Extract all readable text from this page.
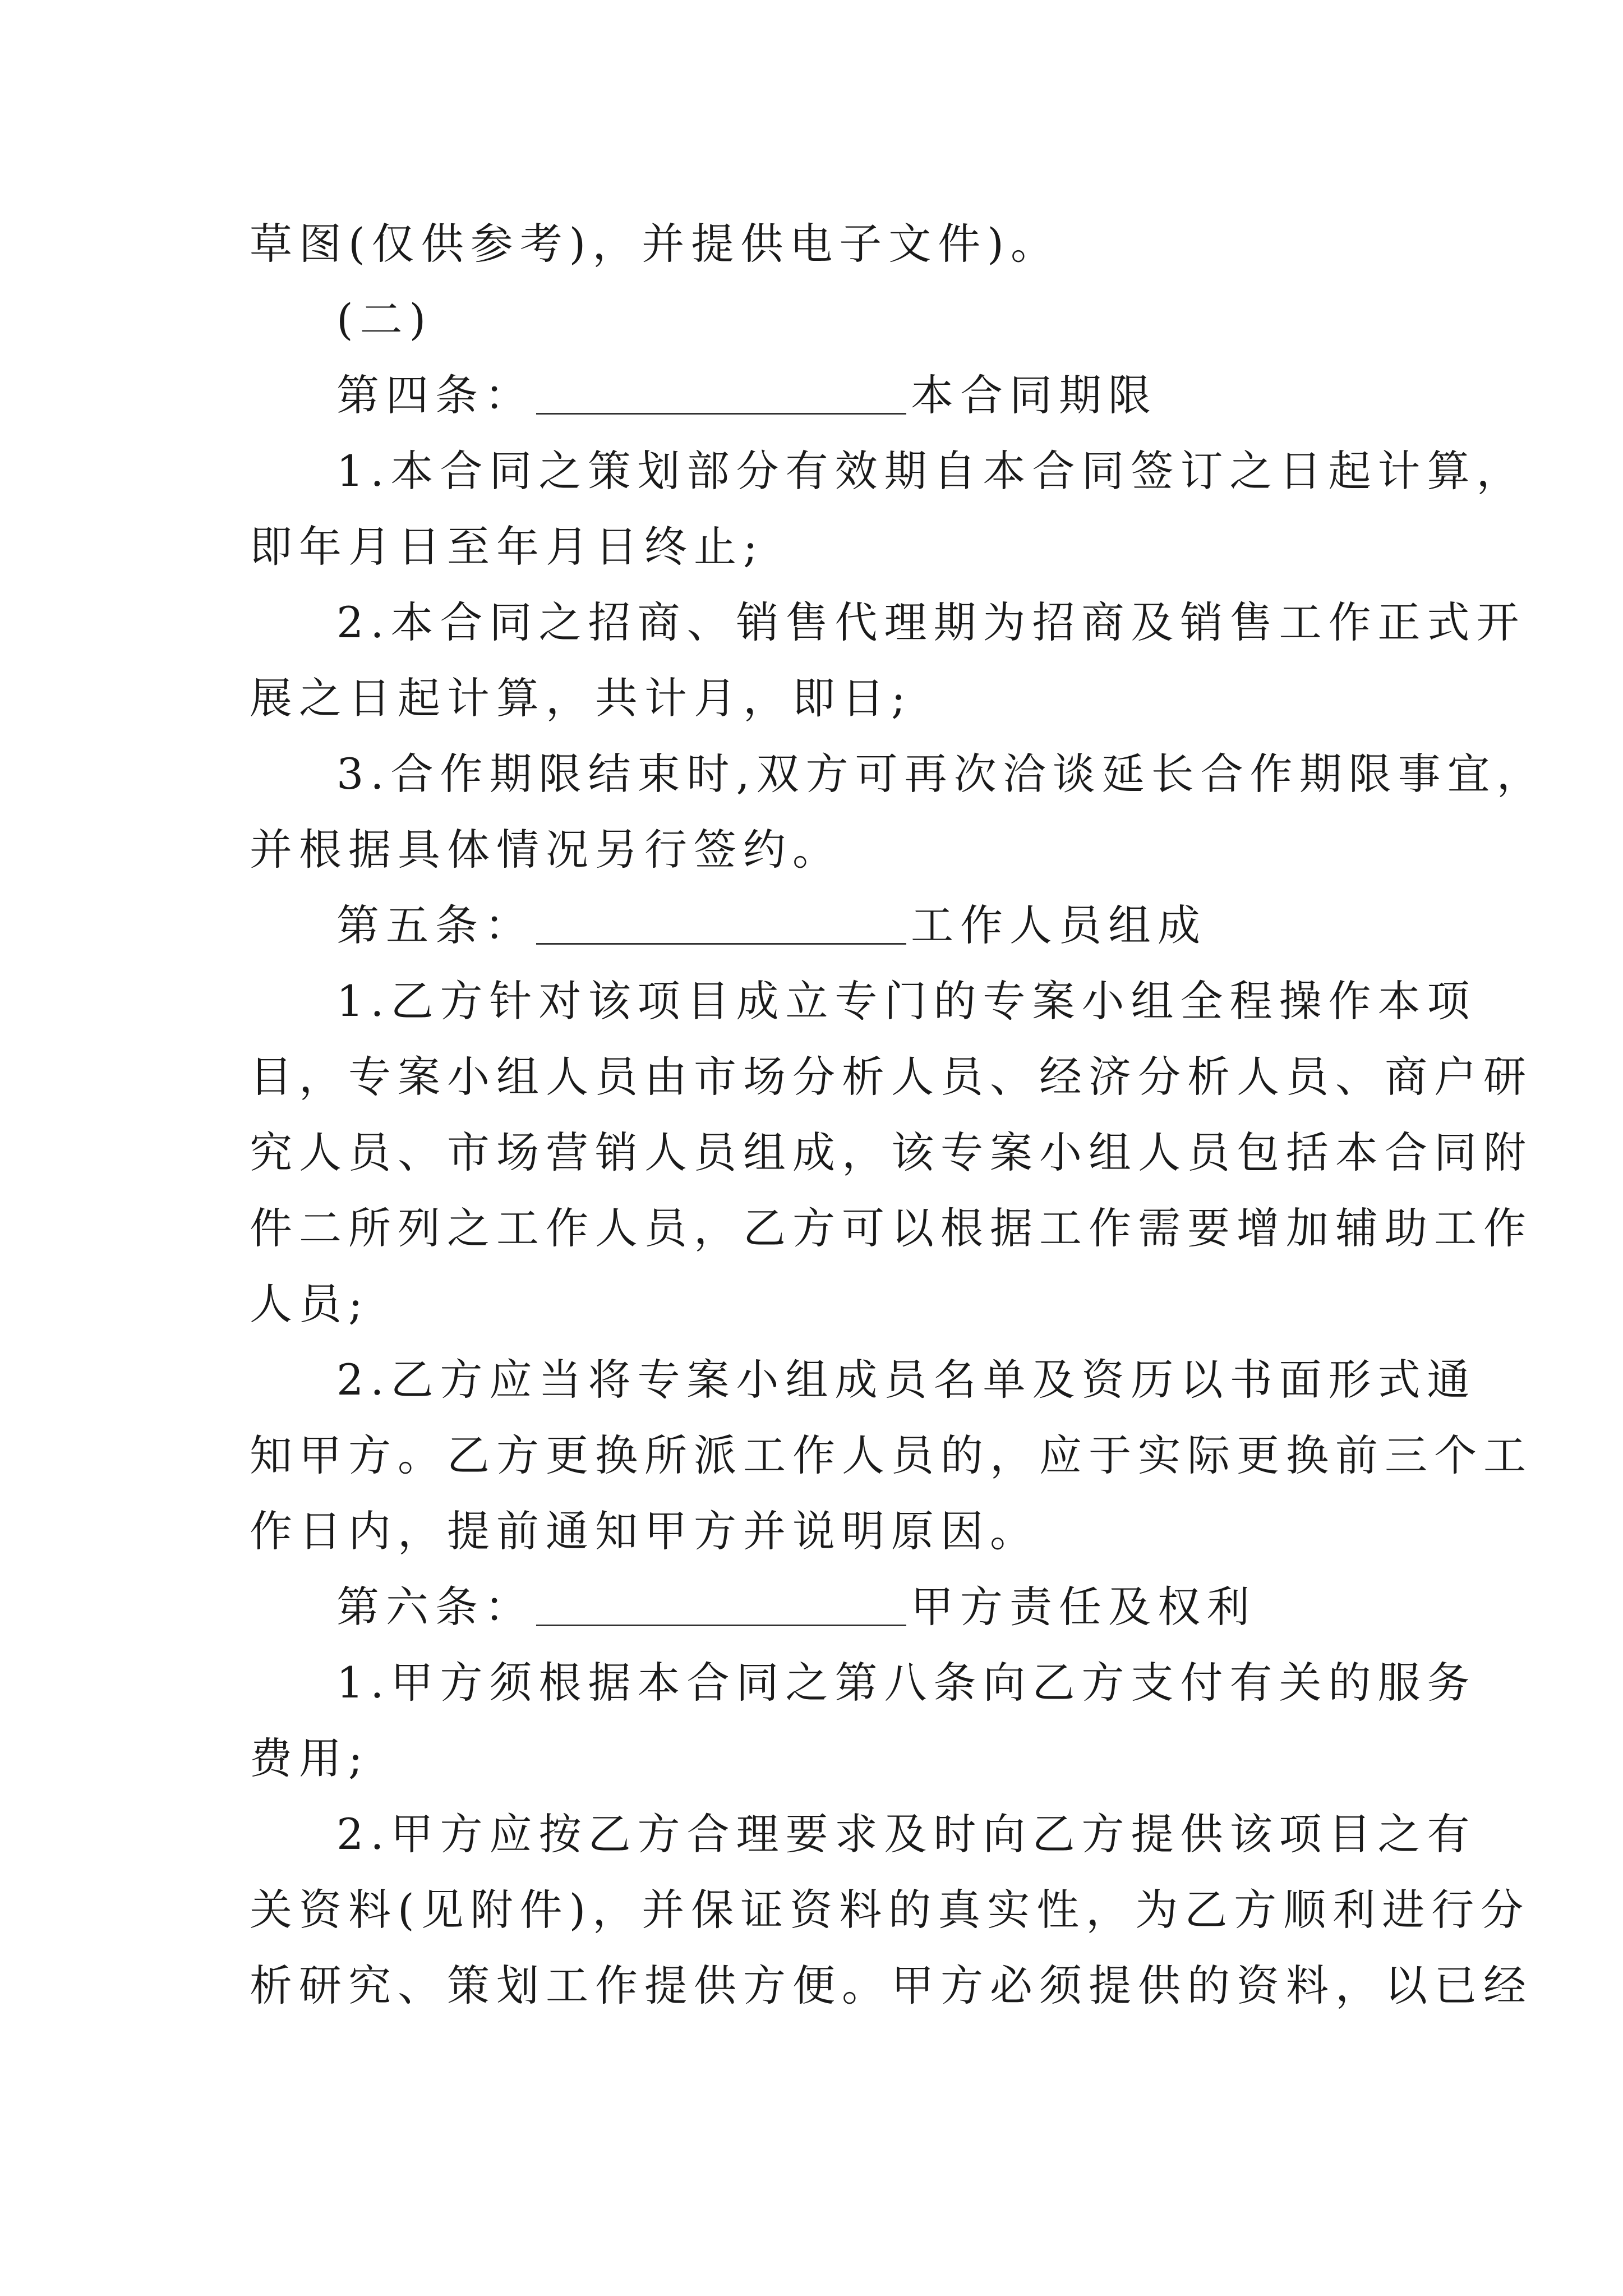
草图(仅供参考)，并提供电子文件)。
(二)
第四条：	本合同期限
1.本合同之策划部分有效期自本合同签订之日起计算，
即年月日至年月日终止;
2.本合同之招商、销售代理期为招商及销售工作正式开
展之日起计算，共计月，即日;
3.合作期限结束时,双方可再次洽谈延长合作期限事宜，
并根据具体情况另行签约。
第五条：	工作人员组成
1.乙方针对该项目成立专门的专案小组全程操作本项
目，专案小组人员由市场分析人员、经济分析人员、商户研
究人员、市场营销人员组成，该专案小组人员包括本合同附
件二所列之工作人员，乙方可以根据工作需要增加辅助工作
人员;
2.乙方应当将专案小组成员名单及资历以书面形式通
知甲方。乙方更换所派工作人员的，应于实际更换前三个工
作日内，提前通知甲方并说明原因。
第六条：	甲方责任及权利
1.甲方须根据本合同之第八条向乙方支付有关的服务
费用;
2.甲方应按乙方合理要求及时向乙方提供该项目之有
关资料(见附件)，并保证资料的真实性，为乙方顺利进行分
析研究、策划工作提供方便。甲方必须提供的资料，以已经
